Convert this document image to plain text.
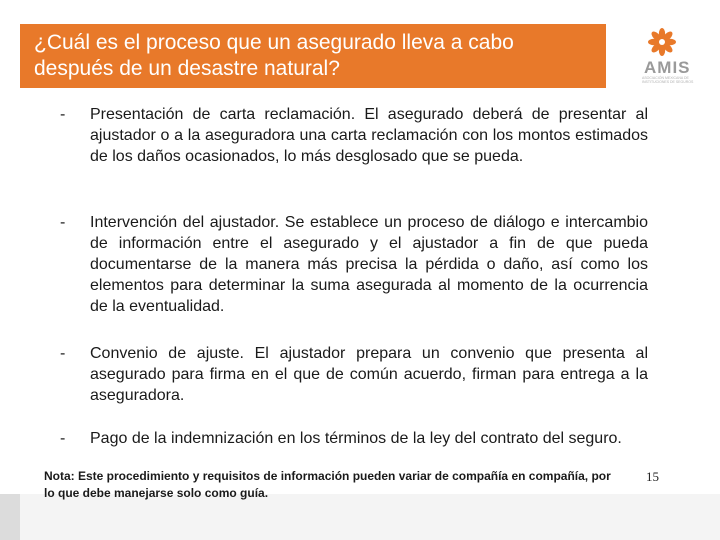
¿Cuál es el proceso que un asegurado lleva a cabo después de un desastre natural?	AMIS
ASOCIACIÓN MEXICANA DE INSTITUCIONES DE SEGUROS
-	Presentación de carta reclamación. El asegurado deberá de presentar al ajustador o a la aseguradora una carta reclamación con los montos estimados de los daños ocasionados, lo más desglosado que se pueda.
-	Intervención del ajustador. Se establece un proceso de diálogo e intercambio de información entre el asegurado y el ajustador a fin de que pueda documentarse de la manera más precisa la pérdida o daño, así como los elementos para determinar la suma asegurada al momento de la ocurrencia de la eventualidad.
-	Convenio de ajuste. El ajustador prepara un convenio que presenta al asegurado para firma en el que de común acuerdo, firman para entrega a la aseguradora.
-	Pago de la indemnización en los términos de la ley del contrato del seguro.
Nota: Este procedimiento y requisitos de información pueden variar de compañía en compañía, por lo que debe manejarse solo como guía.
15
